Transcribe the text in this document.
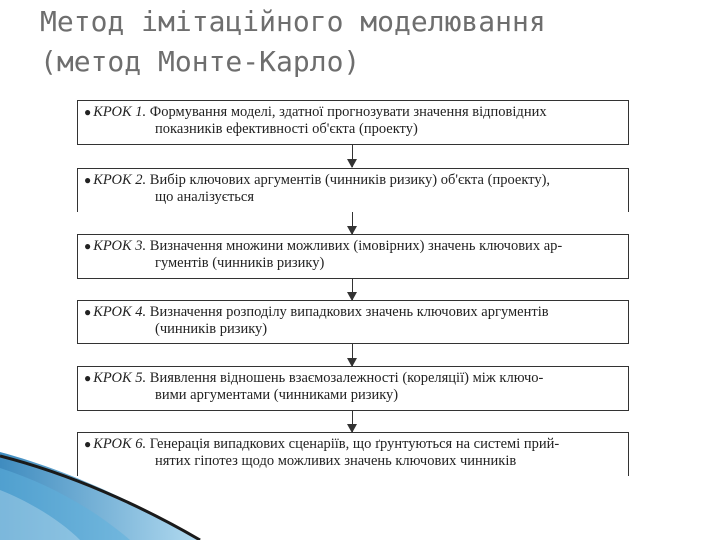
Метод імітаційного моделювання
(метод Монте-Карло)
● КРОК 1. Формування моделі, здатної прогнозувати значення відповідних
показників ефективності об'єкта (проекту)
● КРОК 2. Вибір ключових аргументів (чинників ризику) об'єкта (проекту),
що аналізується
● КРОК 3. Визначення множини можливих (імовірних) значень ключових ар-
гументів (чинників ризику)
● КРОК 4. Визначення розподілу випадкових значень ключових аргументів
(чинників ризику)
● КРОК 5. Виявлення відношень взаємозалежності (кореляції) між ключо-
вими аргументами (чинниками ризику)
● КРОК 6. Генерація випадкових сценаріїв, що ґрунтуються на системі прий-
нятих гіпотез щодо можливих значень ключових чинників
